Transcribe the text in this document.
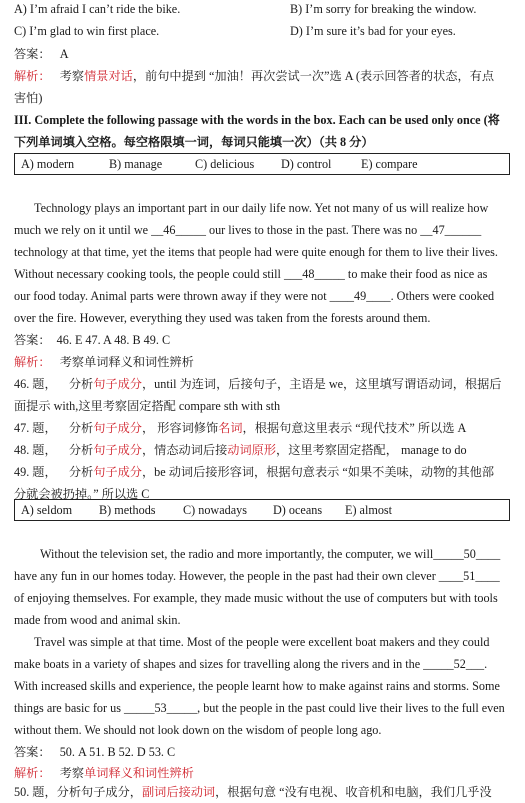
A) I’m afraid I can’t ride the bike.	B) I’m sorry for breaking the window.
C) I’m glad to win first place.	D) I’m sure it’s bad for your eyes.
答案： A
解析： 考察情景对话，前句中提到 “加油！再次尝试一次”选 A (表示回答者的状态，有点
害怕)
III. Complete the following passage with the words in the box. Each can be used only once (将
下列单词填入空格。每空格限填一词，每词只能填一次）（共 8 分）
A) modern	B) manage	C) delicious D) control E) compare
Technology plays an important part in our daily life now. Yet not many of us will realize how
much we rely on it until we __46_____ our lives to those in the past. There was no __47______
technology at that time, yet the items that people had were quite enough for them to live their lives.
Without necessary cooking tools, the people could still ___48_____ to make their food as nice as
our food today. Animal parts were thrown away if they were not ____49____. Others were cooked
over the fire. However, everything they used was taken from the forests around them.
答案： 46. E 47. A 48. B 49. C
解析： 考察单词释义和词性辨析
46. 题， 分析句子成分，until 为连词，后接句子，主语是 we，这里填写谓语动词，根据后
面提示 with,这里考察固定搭配 compare sth with sth
47. 题， 分析句子成分， 形容词修饰名词，根据句意这里表示 “现代技术” 所以选 A
48. 题， 分析句子成分，情态动词后接动词原形，这里考察固定搭配， manage to do
49. 题， 分析句子成分，be 动词后接形容词，根据句意表示 “如果不美味，动物的其他部
分就会被扔掉。” 所以选 C
A) seldom B) methods C) nowadays D) oceans E) almost
Without the television set, the radio and more importantly, the computer, we will_____50____
have any fun in our homes today. However, the people in the past had their own clever ____51____
of enjoying themselves. For example, they made music without the use of computers but with tools
made from wood and animal skin.
Travel was simple at that time. Most of the people were excellent boat makers and they could
make boats in a variety of shapes and sizes for travelling along the rivers and in the _____52___.
With increased skills and experience, the people learnt how to make against rains and storms. Some
things are basic for us _____53_____, but the people in the past could live their lives to the full even
without them. We should not look down on the wisdom of people long ago.
答案： 50. A 51. B 52. D 53. C
解析： 考察单词释义和词性辨析
50. 题，分析句子成分，副词后接动词，根据句意 “没有电视、收音机和电脑，我们几乎没
